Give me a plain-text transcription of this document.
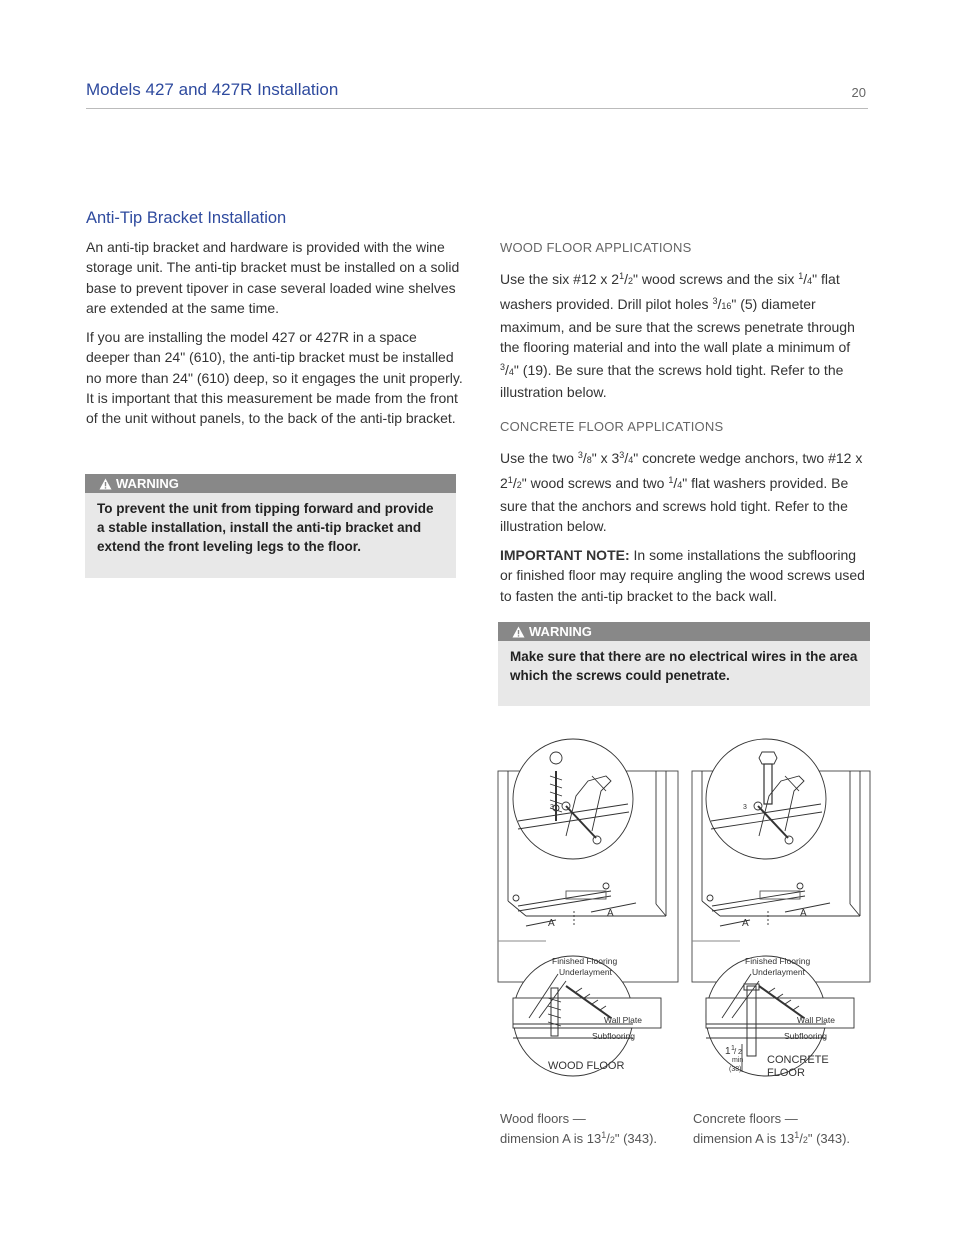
Models 427 and 427R Installation	20
Anti-Tip Bracket Installation

An anti-tip bracket and hardware is provided with the wine storage unit. The anti-tip bracket must be installed on a solid base to prevent tipover in case several loaded wine shelves are extended at the same time.

If you are installing the model 427 or 427R in a space deeper than 24" (610), the anti-tip bracket must be installed no more than 24" (610) deep, so it engages the unit properly. It is important that this measurement be made from the front of the unit without panels, to the back of the anti-tip bracket.

WARNING
To prevent the unit from tipping forward and provide a stable installation, install the anti-tip bracket and extend the front leveling legs to the floor.
WOOD FLOOR APPLICATIONS

Use the six #12 x $2^1/2$" wood screws and the six $^1$/4" flat washers provided. Drill pilot holes $^3$/16" (5) diameter maximum, and be sure that the screws penetrate through the flooring material and into the wall plate a minimum of $^3$/4" (19). Be sure that the screws hold tight. Refer to the illustration below.

CONCRETE FLOOR APPLICATIONS

Use the two $^3$/8" x $3^3/4$" concrete wedge anchors, two #12 x $2^1/2$" wood screws and two $^1$/4" flat washers provided. Be sure that the anchors and screws hold tight. Refer to the illustration below.

IMPORTANT NOTE: In some installations the subflooring or finished floor may require angling the wood screws used to fasten the anti-tip bracket to the back wall.

WARNING
Make sure that there are no electrical wires in the area which the screws could penetrate.
A
A
3
Finished Flooring
Underlayment
Wall Plate
Subflooring
WOOD FLOOR
A
A
3
Finished Flooring
Underlayment
Wall Plate
Subflooring
1 1 / 2
min
(38)
CONCRETE
FLOOR
Wood floors —
dimension A is $13^1/2$" (343).
Concrete floors —
dimension A is $13^1/2$" (343).
